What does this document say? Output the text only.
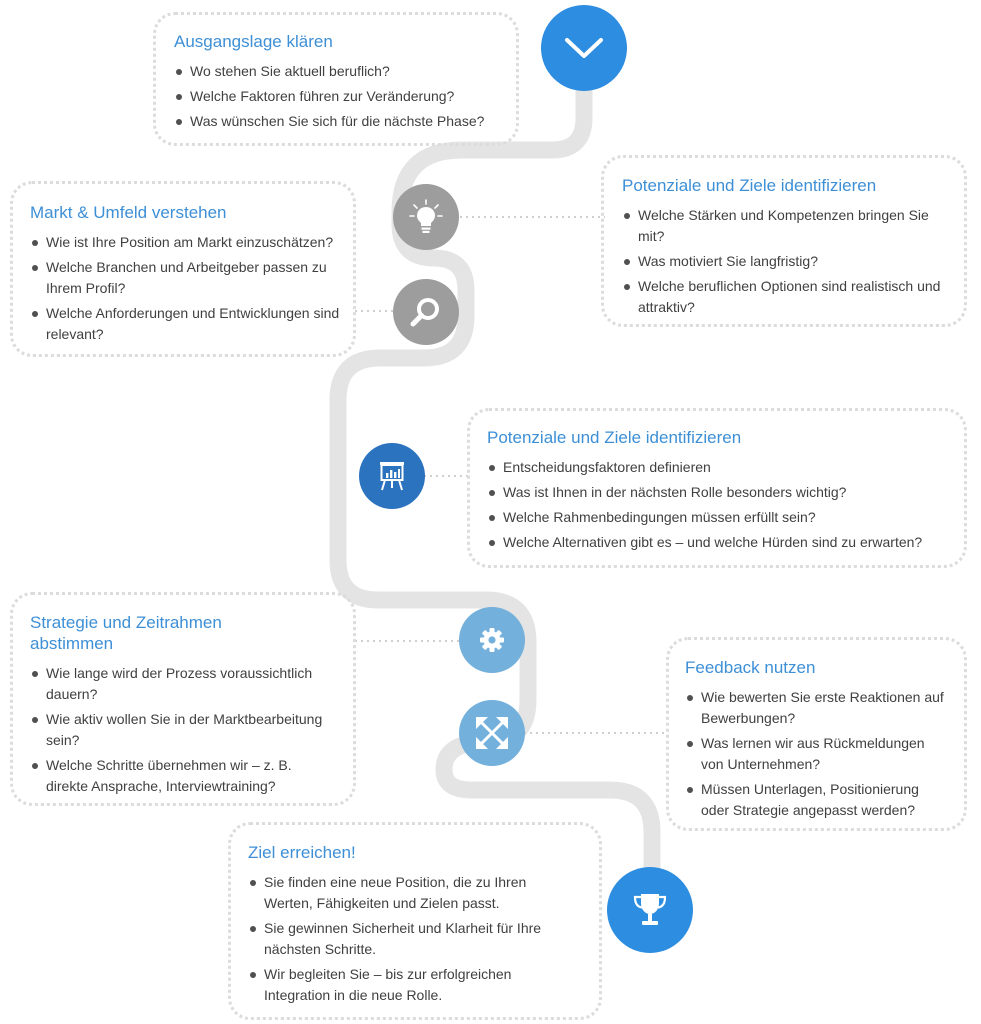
Ausgangslage klären
Wo stehen Sie aktuell beruflich?
Welche Faktoren führen zur Veränderung?
Was wünschen Sie sich für die nächste Phase?
Potenziale und Ziele identifizieren
Welche Stärken und Kompetenzen bringen Sie mit?
Was motiviert Sie langfristig?
Welche beruflichen Optionen sind realistisch und attraktiv?
Markt & Umfeld verstehen
Wie ist Ihre Position am Markt einzuschätzen?
Welche Branchen und Arbeitgeber passen zu Ihrem Profil?
Welche Anforderungen und Entwicklungen sind relevant?
Potenziale und Ziele identifizieren
Entscheidungsfaktoren definieren
Was ist Ihnen in der nächsten Rolle besonders wichtig?
Welche Rahmenbedingungen müssen erfüllt sein?
Welche Alternativen gibt es – und welche Hürden sind zu erwarten?
Strategie und Zeitrahmen abstimmen
Wie lange wird der Prozess voraussichtlich dauern?
Wie aktiv wollen Sie in der Marktbearbeitung sein?
Welche Schritte übernehmen wir – z. B. direkte Ansprache, Interviewtraining?
Feedback nutzen
Wie bewerten Sie erste Reaktionen auf Bewerbungen?
Was lernen wir aus Rückmeldungen von Unternehmen?
Müssen Unterlagen, Positionierung oder Strategie angepasst werden?
Ziel erreichen!
Sie finden eine neue Position, die zu Ihren Werten, Fähigkeiten und Zielen passt.
Sie gewinnen Sicherheit und Klarheit für Ihre nächsten Schritte.
Wir begleiten Sie – bis zur erfolgreichen Integration in die neue Rolle.
